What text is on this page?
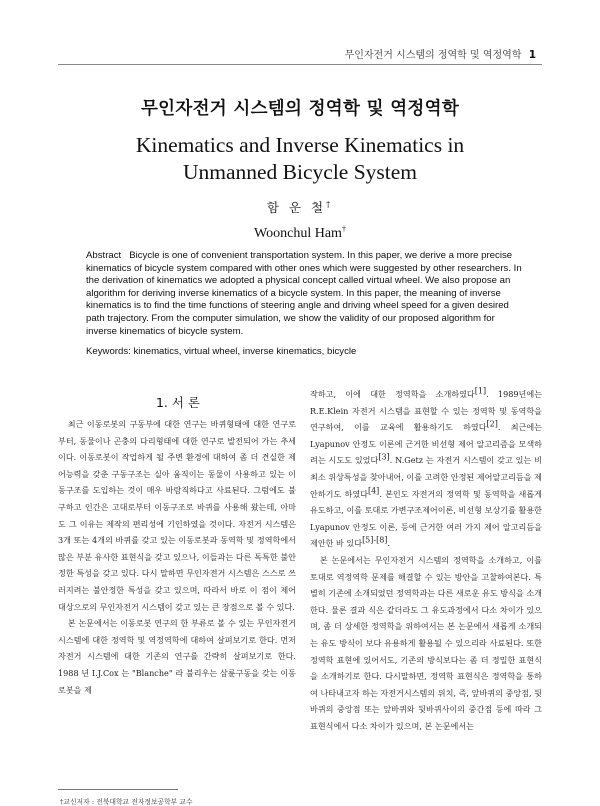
무인자전거 시스템의 정역학 및 역정역학 1
무인자전거 시스템의 정역학 및 역정역학
Kinematics and Inverse Kinematics in
Unmanned Bicycle System
함 운 철†
Woonchul Ham†
Abstract Bicycle is one of convenient transportation system. In this paper, we derive a more precise kinematics of bicycle system compared with other ones which were suggested by other researchers. In the derivation of kinematics we adopted a physical concept called virtual wheel. We also propose an algorithm for deriving inverse kinematics of a bicycle system. In this paper, the meaning of inverse kinematics is to find the time functions of steering angle and driving wheel speed for a given desired path trajectory. From the computer simulation, we show the validity of our proposed algorithm for inverse kinematics of bicycle system.
Keywords: kinematics, virtual wheel, inverse kinematics, bicycle
1. 서 론

최근 이동로봇의 구동부에 대한 연구는 바퀴형태에 대한 연구로부터, 동물이나 곤충의 다리형태에 대한 연구로 발전되어 가는 추세이다. 이동로봇이 작업하게 될 주변 환경에 대하여 좀 더 견실한 제어능력을 갖춘 구동구조는 실아 움직이는 동물이 사용하고 있는 이동구조를 도입하는 것이 매우 바람직하다고 사료된다. 그럼에도 불구하고 인간은 고대로부터 이동구조로 바퀴를 사용해 왔는데, 아마도 그 이유는 제작의 편리성에 기인하였을 것이다. 자전거 시스템은 3개 또는 4개의 바퀴를 갖고 있는 이동로봇과 동역학 및 정역학에서 많은 부분 유사한 표현식을 갖고 있으나, 이들과는 다른 독특한 불안정한 특성을 갖고 있다. 다시 말하면 무인자전거 시스템은 스스로 쓰러지려는 불안정한 특성을 갖고 있으며, 따라서 바로 이 점이 제어 대상으로의 무인자전거 시스템이 갖고 있는 큰 장점으로 볼 수 있다.

본 논문에서는 이동로봇 연구의 한 부류로 볼 수 있는 무인자전거 시스템에 대한 정역학 및 역정역학에 대하여 살펴보기로 한다. 먼저 자전거 시스템에 대한 기존의 연구를 간략히 살펴보기로 한다. 1988 년 I.J.Cox 는 "Blanche" 라 불리우는 삼륜구동을 갖는 이동로봇을 제

작하고, 이에 대한 정역학을 소개하였다[1]. 1989년에는 R.E.Klein 자전거 시스템을 표현할 수 있는 정역학 및 동역학을 연구하여, 이를 교육에 활용하기도 하였다[2]. 최근에는 Lyapunov 안정도 이론에 근거한 비선형 제어 알고리즘을 모색하려는 시도도 있었다[3]. N.Getz 는 자전거 시스템이 갖고 있는 비최소 위상특성을 찾아내어, 이를 고려한 안정된 제어알고리듬을 제안하기도 하였다[4]. 본인도 자전거의 정역학 및 동역학을 새롭게 유도하고, 이를 토대로 가변구조제어이론, 비선형 보상기를 활용한 Lyapunov 안정도 이론, 등에 근거한 여러 가지 제어 알고리듬을 제안한 바 있다[5]-[8].

본 논문에서는 무인자전거 시스템의 정역학을 소개하고, 이를 토대로 역정역학 문제를 해결할 수 있는 방안을 고찰하여본다. 특별히 기존에 소개되었던 정역학과는 다른 새로운 유도 방식을 소개한다. 물론 결과 식은 같더라도 그 유도과정에서 다소 차이가 있으며, 좀 더 상세한 정역학을 위하여서는 본 논문에서 새롭게 소개되는 유도 방식이 보다 유용하게 활용될 수 있으리라 사료된다. 또한 정역학 표현에 있어서도, 기존의 방식보다는 좀 더 정밀한 표현식을 소개하기로 한다. 다시말하면, 정역학 표현식은 정역학을 통하여 나타내고자 하는 자전거시스템의 위치, 즉, 앞바퀴의 중앙점, 뒷바퀴의 중앙점 또는 앞바퀴와 뒷바퀴사이의 중간점 등에 따라 그 표현식에서 다소 차이가 있으며, 본 논문에서는

†교신저자 : 전북대학교 전자정보공학부 교수
